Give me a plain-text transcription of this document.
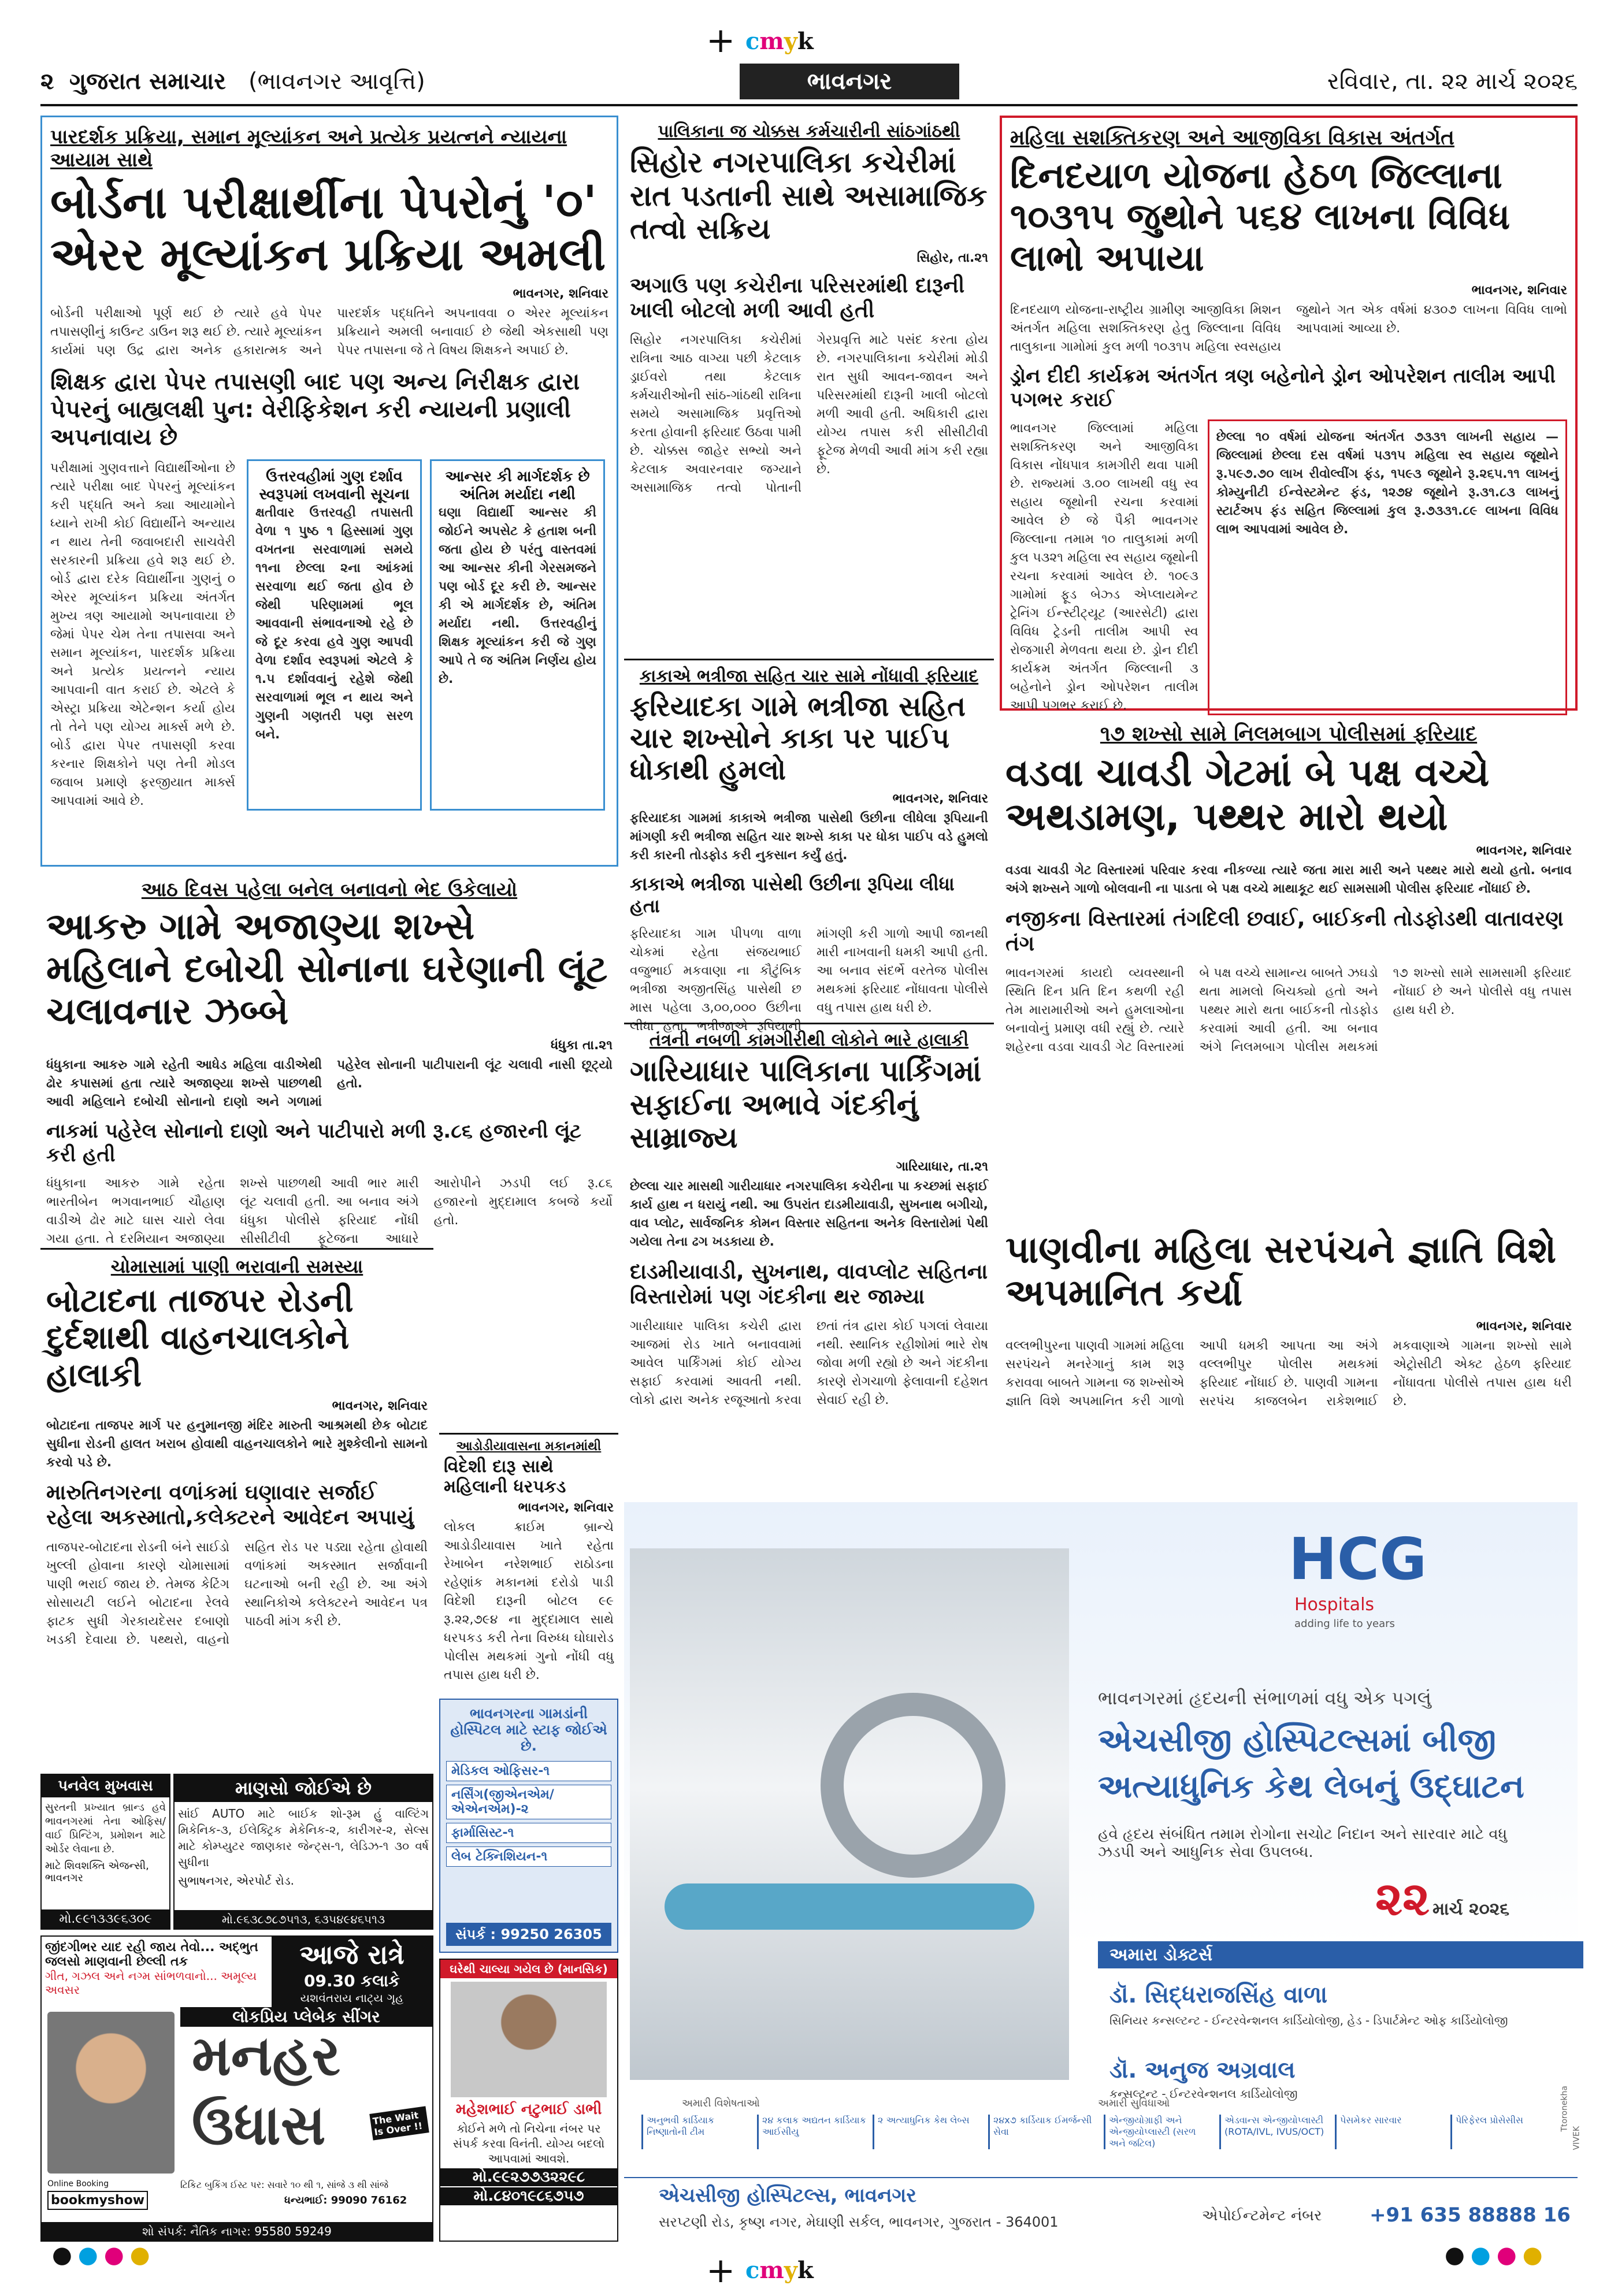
+ cmyk
+ cmyk
૨ ગુજરાત સમાચાર (ભાવનગર આવૃત્તિ)	ભાવનગર	રવિવાર, તા. ૨૨ માર્ચ ૨૦૨૬
પારદર્શક પ્રક્રિયા, સમાન મૂલ્યાંકન અને પ્રત્યેક પ્રયત્નને ન્યાયના આયામ સાથે
બોર્ડના પરીક્ષાર્થીના પેપરોનું '૦' એરર મૂલ્યાંકન પ્રક્રિયા અમલી
ભાવનગર, શનિવાર
બોર્ડની પરીક્ષાઓ પૂર્ણ થઈ છે ત્યારે હવે પેપર તપાસણીનું કાઉન્ટ ડાઉન શરૂ થઈ છે. ત્યારે મૂલ્યાંકન કાર્યમાં પણ ઉદ્ર દ્વારા અનેક હકારાત્મક અને પારદર્શક પદ્ધતિને અપનાવવા ૦ એરર મૂલ્યાંકન પ્રક્રિયાને અમલી બનાવાઈ છે જેથી એકસાથી પણ પેપર તપાસના જે તે વિષય શિક્ષકને અપાઈ છે.
શિક્ષક દ્વારા પેપર તપાસણી બાદ પણ અન્ય નિરીક્ષક દ્વારા પેપરનું બાહ્યલક્ષી પુન: વેરીફિકેશન કરી ન્યાયની પ્રણાલી અપનાવાય છે
પરીક્ષામાં ગુણવત્તાને વિદ્યાર્થીઓના છે ત્યારે પરીક્ષા બાદ પેપરનું મૂલ્યાંકન કરી પદ્ધતિ અને ક્યા આયામોને ધ્યાને રાખી કોઈ વિદ્યાર્થીને અન્યાય ન થાય તેની જવાબદારી સાચવેરી સરકારની પ્રક્રિયા હવે શરૂ થઈ છે. બોર્ડ દ્વારા દરેક વિદ્યાર્થીના ગુણનું ૦ એરર મૂલ્યાંકન પ્રક્રિયા અંતર્ગત મુખ્ય ત્રણ આયામો અપનાવાયા છે જેમાં પેપર ચેમ તેના તપાસવા અને સમાન મૂલ્યાંકન, પારદર્શક પ્રક્રિયા અને પ્રત્યેક પ્રયત્નને ન્યાય આપવાની વાત કરાઈ છે. એટલે કે એસ્ટ્રા પ્રક્રિયા એટેન્શન કર્યા હોય તો તેને પણ યોગ્ય માર્ક્સ મળે છે. બોર્ડ દ્વારા પેપર તપાસણી કરવા કરનાર શિક્ષકોને પણ તેની મોડલ જવાબ પ્રમાણે ફરજીયાત માર્ક્સ આપવામાં આવે છે.
ઉત્તરવહીમાં ગુણ દર્શાવ સ્વરૂપમાં લખવાની સૂચના
ક્ષતીવાર ઉત્તરવહી તપાસતી વેળા ૧ પુષ્ઠ ૧ હિસ્સામાં ગુણ વખતના સરવાળામાં સમયે ૧૧ના છેલ્લા ૨ના આંકમાં સરવાળા થઈ જતા હોવ છે જેથી પરિણામમાં ભૂલ આવવાની સંભાવનાઓ રહે છે જે દૂર કરવા હવે ગુણ આપવી વેળા દર્શાવ સ્વરૂપમાં એટલે કે ૧.૫ દર્શાવવાનું રહેશે જેથી સરવાળામાં ભૂલ ન થાય અને ગુણની ગણતરી પણ સરળ બને.
આન્સર કી માર્ગદર્શક છે અંતિમ મર્યાદા નથી
ઘણા વિદ્યાર્થી આન્સર કી જોઈને અપસેટ કે હતાશ બની જતા હોય છે પરંતુ વાસ્તવમાં આ આન્સર કીની ગેરસમજને પણ બોર્ડ દૂર કરી છે. આન્સર કી એ માર્ગદર્શક છે, અંતિમ મર્યાદા નથી. ઉત્તરવહીનું શિક્ષક મૂલ્યાંકન કરી જે ગુણ આપે તે જ અંતિમ નિર્ણય હોય છે.
પાલિકાના જ ચોક્કસ કર્મચારીની સાંઠગાંઠથી
સિહોર નગરપાલિકા કચેરીમાં રાત પડતાની સાથે અસામાજિક તત્વો સક્રિય
સિહોર, તા.૨૧
અગાઉ પણ કચેરીના પરિસરમાંથી દારૂની ખાલી બોટલો મળી આવી હતી
સિહોર નગરપાલિકા કચેરીમાં રાત્રિના આઠ વાગ્યા પછી કેટલાક ડ્રાઈવરો તથા કેટલાક કર્મચારીઓની સાંઠ-ગાંઠથી રાત્રિના સમયે અસામાજિક પ્રવૃત્તિઓ કરતા હોવાની ફરિયાદ ઉઠવા પામી છે. ચોક્કસ જાહેર સભ્યો અને કેટલાક અવારનવાર જગ્યાને અસામાજિક તત્વો પોતાની ગેરપ્રવૃત્તિ માટે પસંદ કરતા હોય છે. નગરપાલિકાના કચેરીમાં મોડી રાત સુધી આવન-જાવન અને પરિસરમાંથી દારૂની ખાલી બોટલો મળી આવી હતી. અધિકારી દ્વારા યોગ્ય તપાસ કરી સીસીટીવી ફૂટેજ મેળવી આવી માંગ કરી રહ્યા છે.
કાકાએ ભત્રીજા સહિત ચાર સામે નોંધાવી ફરિયાદ
ફરિયાદકા ગામે ભત્રીજા સહિત ચાર શખ્સોને કાકા પર પાઈપ ધોકાથી હુમલો
ભાવનગર, શનિવાર
ફરિયાદકા ગામમાં કાકાએ ભત્રીજા પાસેથી ઉછીના લીધેલા રૂપિયાની માંગણી કરી ભત્રીજા સહિત ચાર શખ્સે કાકા પર ધોકા પાઈપ વડે હુમલો કરી કારની તોડફોડ કરી નુકસાન કર્યું હતું.
કાકાએ ભત્રીજા પાસેથી ઉછીના રૂપિયા લીધા હતા
ફરિયાદકા ગામ પીપળા વાળા ચોકમાં રહેતા સંજયભાઈ વજુભાઈ મકવાણા ના કૌટુંબિક ભત્રીજા અજીતસિંહ પાસેથી છ માસ પહેલા ૩,૦૦,૦૦૦ ઉછીના લીધા હતા. ભત્રીજાએ રૂપિયાની માંગણી કરી ગાળો આપી જાનથી મારી નાખવાની ધમકી આપી હતી. આ બનાવ સંદર્ભે વરતેજ પોલીસ મથકમાં ફરિયાદ નોંધાવતા પોલીસે વધુ તપાસ હાથ ધરી છે.
આઠ દિવસ પહેલા બનેલ બનાવનો ભેદ ઉકેલાયો
આકરુ ગામે અજાણ્યા શખ્સે મહિલાને દબોચી સોનાના ઘરેણાની લૂંટ ચલાવનાર ઝબ્બે
ધંધુકા તા.૨૧
ધંધુકાના આકરુ ગામે રહેતી આધેડ મહિલા વાડીએથી ઢોર કપાસમાં હતા ત્યારે અજાણ્યા શખ્સે પાછળથી આવી મહિલાને દબોચી સોનાનો દાણો અને ગળામાં પહેરેલ સોનાની પાટીપારાની લૂંટ ચલાવી નાસી છૂટ્યો હતો.
નાકમાં પહેરેલ સોનાનો દાણો અને પાટીપારો મળી રૂ.૮૬ હજારની લૂંટ કરી હતી
ધંધુકાના આકરુ ગામે રહેતા ભારતીબેન ભગવાનભાઈ ચૌહાણ વાડીએ ઢોર માટે ઘાસ ચારો લેવા ગયા હતા. તે દરમિયાન અજાણ્યા શખ્સે પાછળથી આવી ભાર મારી લૂંટ ચલાવી હતી. આ બનાવ અંગે ધંધુકા પોલીસે ફરિયાદ નોંધી સીસીટીવી ફૂટેજના આધારે આરોપીને ઝડપી લઈ રૂ.૮૬ હજારનો મુદ્દામાલ કબજે કર્યો હતો.
ચોમાસામાં પાણી ભરાવાની સમસ્યા
બોટાદના તાજપર રોડની દુર્દશાથી વાહનચાલકોને હાલાકી
ભાવનગર, શનિવાર
બોટાદના તાજપર માર્ગ પર હનુમાનજી મંદિર મારુતી આશ્રમથી છેક બોટાદ સુધીના રોડની હાલત ખરાબ હોવાથી વાહનચાલકોને ભારે મુશ્કેલીનો સામનો કરવો પડે છે.
મારુતિનગરના વળાંકમાં ઘણાવાર સર્જાઈ રહેલા અકસ્માતો,કલેક્ટરને આવેદન અપાયું
તાજપર-બોટાદના રોડની બંને સાઈડો ખુલ્લી હોવાના કારણે ચોમાસામાં પાણી ભરાઈ જાય છે. તેમજ કેટિંગ સોસાયટી લઈને બોટાદના રેલવે ફાટક સુધી ગેરકાયદેસર દબાણો ખડકી દેવાયા છે. પથ્થરો, વાહનો સહિત રોડ પર પડ્યા રહેતા હોવાથી વળાંકમાં અકસ્માત સર્જાવાની ઘટનાઓ બની રહી છે. આ અંગે સ્થાનિકોએ કલેક્ટરને આવેદન પત્ર પાઠવી માંગ કરી છે.
તંત્રની નબળી કામગીરીથી લોકોને ભારે હાલાકી
ગારિયાધાર પાલિકાના પાર્કિંગમાં સફાઈના અભાવે ગંદકીનું સામ્રાજ્ય
ગારિયાધાર, તા.૨૧
છેલ્લા ચાર માસથી ગારીયાધાર નગરપાલિકા કચેરીના પા કચ્છમાં સફાઈ કાર્ય હાથ ન ધરાયું નથી. આ ઉપરાંત દાડમીયાવાડી, સુખનાથ બગીચો, વાવ પ્લોટ, સાર્વજનિક કોમન વિસ્તાર સહિતના અનેક વિસ્તારોમાં પેથી ગયેલા તેના ઢગ ખડકાયા છે.
દાડમીયાવાડી, સુખનાથ, વાવપ્લોટ સહિતના વિસ્તારોમાં પણ ગંદકીના થર જામ્યા
ગારીયાધાર પાલિકા કચેરી દ્વારા આજમાં રોડ ખાતે બનાવવામાં આવેલ પાર્કિંગમાં કોઈ યોગ્ય સફાઈ કરવામાં આવતી નથી. લોકો દ્વારા અનેક રજૂઆતો કરવા છતાં તંત્ર દ્વારા કોઈ પગલાં લેવાયા નથી. સ્થાનિક રહીશોમાં ભારે રોષ જોવા મળી રહ્યો છે અને ગંદકીના કારણે રોગચાળો ફેલાવાની દહેશત સેવાઈ રહી છે.
આડોડીયાવાસના મકાનમાંથી
વિદેશી દારૂ સાથે મહિલાની ધરપકડ
ભાવનગર, શનિવાર
લોકલ ક્રાઈમ બ્રાન્ચે આડોડીયાવાસ ખાતે રહેતા રેખાબેન નરેશભાઈ રાઠોડના રહેણાંક મકાનમાં દરોડો પાડી વિદેશી દારૂની બોટલ ૯૯ રૂ.૨૨,૭૯૪ ના મુદ્દામાલ સાથે ધરપકડ કરી તેના વિરુધ્ધ ઘોઘારોડ પોલીસ મથકમાં ગુનો નોંધી વધુ તપાસ હાથ ધરી છે.
મહિલા સશક્તિકરણ અને આજીવિકા વિકાસ અંતર્ગત
દિનદયાળ યોજના હેઠળ જિલ્લાના ૧૦૩૧૫ જુથોને ૫૬૪ લાખના વિવિધ લાભો અપાયા
ભાવનગર, શનિવાર
દિનદયાળ યોજના-રાષ્ટ્રીય ગ્રામીણ આજીવિકા મિશન અંતર્ગત મહિલા સશક્તિકરણ હેતુ જિલ્લાના વિવિધ તાલુકાના ગામોમાં કુલ મળી ૧૦૩૧૫ મહિલા સ્વસહાય જુથોને ગત એક વર્ષમાં ૪૩૦૭ લાખના વિવિધ લાભો આપવામાં આવ્યા છે.
ડ્રોન દીદી કાર્યક્રમ અંતર્ગત ત્રણ બહેનોને ડ્રોન ઓપરેશન તાલીમ આપી પગભર કરાઈ
ભાવનગર જિલ્લામાં મહિલા સશક્તિકરણ અને આજીવિકા વિકાસ નોંધપાત્ર કામગીરી થવા પામી છે. રાજ્યમાં ૩.૦૦ લાખથી વધુ સ્વ સહાય જૂથોની રચના કરવામાં આવેલ છે જે પૈકી ભાવનગર જિલ્લાના તમામ ૧૦ તાલુકામાં મળી કુલ ૫૩૨૧ મહિલા સ્વ સહાય જૂથોની રચના કરવામાં આવેલ છે. ૧૦૯૩ ગામોમાં ફૂડ બેઝ્ડ એપ્લાયમેન્ટ ટ્રેનિંગ ઈન્સ્ટીટ્યૂટ (આરસેટી) દ્વારા વિવિધ ટ્રેડની તાલીમ આપી સ્વ રોજગારી મેળવતા થયા છે. ડ્રોન દીદી કાર્યક્રમ અંતર્ગત જિલ્લાની ૩ બહેનોને ડ્રોન ઓપરેશન તાલીમ આપી પગભર કરાઈ છે.
છેલ્લા ૧૦ વર્ષમાં યોજના અંતર્ગત ૭૩૩૧ લાખની સહાય — જિલ્લામાં છેલ્લા દસ વર્ષમાં ૫૩૧૫ મહિલા સ્વ સહાય જૂથોને રૂ.૫૯૭.૭૦ લાખ રીવોલ્વીંગ ફંડ, ૧૫૯૩ જૂથોને રૂ.૨૬૫.૧૧ લાખનું કોમ્યુનીટી ઈન્વેસ્ટમેન્ટ ફંડ, ૧૨૭૪ જૂથોને રૂ.૩૧.૮૩ લાખનું સ્ટાર્ટઅપ ફંડ સહિત જિલ્લામાં કુલ રૂ.૭૩૩૧.૮૯ લાખના વિવિધ લાભ આપવામાં આવેલ છે.
૧૭ શખ્સો સામે નિલમબાગ પોલીસમાં ફરિયાદ
વડવા ચાવડી ગેટમાં બે પક્ષ વચ્ચે અથડામણ, પથ્થર મારો થયો
ભાવનગર, શનિવાર
વડવા ચાવડી ગેટ વિસ્તારમાં પરિવાર કરવા નીકળ્યા ત્યારે જતા મારા મારી અને પથ્થર મારો થયો હતો. બનાવ અંગે શખ્સને ગાળો બોલવાની ના પાડતા બે પક્ષ વચ્ચે માથાકૂટ થઈ સામસામી પોલીસ ફરિયાદ નોંધાઈ છે.
નજીકના વિસ્તારમાં તંગદિલી છવાઈ, બાઈકની તોડફોડથી વાતાવરણ તંગ
ભાવનગરમાં કાયદો વ્યવસ્થાની સ્થિતિ દિન પ્રતિ દિન કથળી રહી તેમ મારામારીઓ અને હુમલાઓના બનાવોનું પ્રમાણ વધી રહ્યું છે. ત્યારે શહેરના વડવા ચાવડી ગેટ વિસ્તારમાં બે પક્ષ વચ્ચે સામાન્ય બાબતે ઝઘડો થતા મામલો બિચક્યો હતો અને પથ્થર મારો થતા બાઈકની તોડફોડ કરવામાં આવી હતી. આ બનાવ અંગે નિલમબાગ પોલીસ મથકમાં ૧૭ શખ્સો સામે સામસામી ફરિયાદ નોંધાઈ છે અને પોલીસે વધુ તપાસ હાથ ધરી છે.
પાણવીના મહિલા સરપંચને જ્ઞાતિ વિશે અપમાનિત કર્યા
ભાવનગર, શનિવાર
વલ્લભીપુરના પાણવી ગામમાં મહિલા સરપંચને મનરેગાનું કામ શરૂ કરાવવા બાબતે ગામના જ શખ્સોએ જ્ઞાતિ વિશે અપમાનિત કરી ગાળો આપી ધમકી આપતા આ અંગે વલ્લભીપુર પોલીસ મથકમાં ફરિયાદ નોંધાઈ છે. પાણવી ગામના સરપંચ કાજલબેન રાકેશભાઈ મકવાણાએ ગામના શખ્સો સામે એટ્રોસીટી એક્ટ હેઠળ ફરિયાદ નોંધાવતા પોલીસે તપાસ હાથ ધરી છે.
ભાવનગરના ગામડાંની હોસ્પિટલ માટે સ્ટાફ જોઈએ છે.
મેડિકલ ઓફિસર-૧
નર્સિંગ(જીએનએમ/એએનએમ)-૨
ફાર્માસિસ્ટ-૧
લેબ ટેક્નિશિયન-૧
સંપર્ક : 99250 26305
માણસો જોઈએ છે
સાંઈ AUTO માટે બાઈક શો-રૂમ હું વાલ્ટિંગ મિકેનિક-૩, ઈલેક્ટ્રિક મેકેનિક-૨, કારીગર-૨, સેલ્સ માટે કોમ્પ્યુટર જાણકાર જેન્ટ્સ-૧, લેડિઝ-૧ ૩૦ વર્ષ સુધીના
સુભાષનગર, એરપોર્ટ રોડ.
મો.૯૬૩૮૭૮૭૫૧૩, ૬૩૫૪૯૪૬૫૧૩
પનવેલ મુખવાસ
સુરતની પ્રખ્યાત બ્રાન્ડ હવે ભાવનગરમાં તેના ઓફિસ/વાઈ પ્રિન્ટિંગ, પ્રમોશન માટે ઓર્ડર લેવાના છે.
માટે શિવશક્તિ એજન્સી, ભાવનગર
મો.૯૯૧૩૩૯૬૩૦૯
જીંદગીભર યાદ રહી જાય તેવો... અદ્ભુત જલસો માણવાની છેલ્લી તક
ગીત, ગઝલ અને નગ્મ સાંભળવાનો... અમૂલ્ય અવસર
આજે રાત્રે
09.30 કલાકે
યશવંતરાય નાટ્ય ગૃહ
લોકપ્રિય પ્લેબેક સીંગર
મનહર
ઉધાસ	The Wait Is Over !!
Online Booking
bookmyshow
ટિકિટ બુકિંગ ઈસ્ટ પર: સવારે ૧૦ થી ૧, સાંજે ૩ થી સાંજે
ધન્યભાઈ: 99090 76162
શો સંપર્ક: નૈતિક નાગર: 95580 59249
ઘરેથી ચાલ્યા ગયેલ છે (માનસિક)
મહેશભાઈ નટુભાઈ ડાભી
કોઈને મળે તો નિચેના નંબર પર સંપર્ક કરવા વિનંતી. યોગ્ય બદલો આપવામાં આવશે.
મો.૯૯૨૭૭૩૨૨૯૮
મો.૮૪૦૧૯૮૬૭૫૭
HCG
Hospitals
adding life to years
ભાવનગરમાં હૃદયની સંભાળમાં વધુ એક પગલું
એચસીજી હોસ્પિટલ્સમાં બીજી
અત્યાધુનિક કેથ લેબનું ઉદ્ઘાટન
હવે હૃદય સંબંધિત તમામ રોગોના સચોટ નિદાન અને સારવાર માટે વધુ ઝડપી અને આધુનિક સેવા ઉપલબ્ધ.
૨૨ માર્ચ ૨૦૨૬
અમારા ડોક્ટર્સ
ડૉ. સિદ્ધરાજસિંહ વાળા
સિનિયર કન્સલ્ટન્ટ - ઈન્ટરવેન્શનલ કાર્ડિયોલોજી, હેડ - ડિપાર્ટમેન્ટ ઓફ કાર્ડિયોલોજી
ડૉ. અનુજ અગ્રવાલ
કન્સલ્ટન્ટ - ઈન્ટરવેન્શનલ કાર્ડિયોલોજી
અમારી વિશેષતાઓ	અમારી સુવિધાઓ
અનુભવી કાર્ડિયાક નિષ્ણાતોની ટીમ
૨૪ કલાક અદ્યતન કાર્ડિયાક આઈસીયુ
૨ અત્યાધુનિક કેથ લેબ્સ	૨૪x૭ કાર્ડિયાક ઈમર્જન્સી સેવા
એન્જીયોગ્રાફી અને એન્જીયોપ્લાસ્ટી (સરળ અને જટિલ)
એડવાન્સ એન્જીયોપ્લાસ્ટી (ROTA/IVL, IVUS/OCT)
પેસમેકર સારવાર	પેરિફેરલ પ્રોસેસીસ
એચસીજી હોસ્પિટલ્સ, ભાવનગર
સરપ્ટણી રોડ, કૃષ્ણ નગર, મેઘાણી સર્કલ, ભાવનગર, ગુજરાત - 364001	એપોઈન્ટમેન્ટ નંબર +91 635 88888 16
Ttoronekha
VIVEK
●●●●	●●●●
